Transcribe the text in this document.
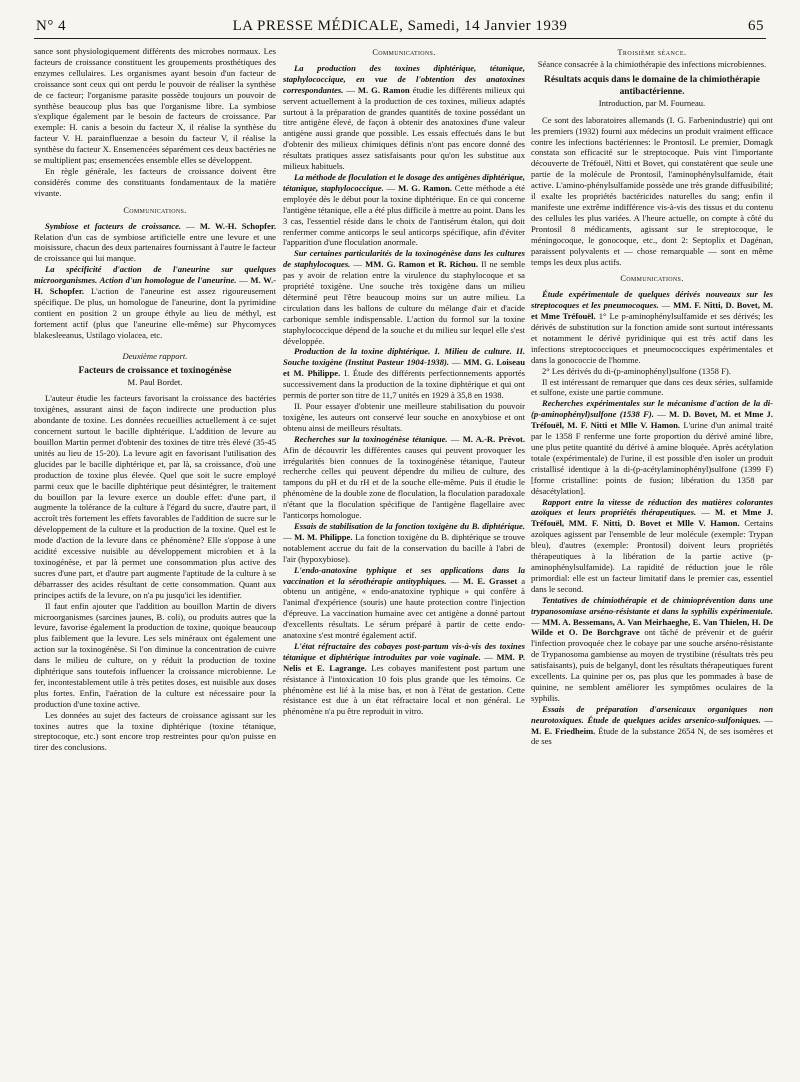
N° 4	LA PRESSE MÉDICALE, Samedi, 14 Janvier 1939	65

sance sont physiologiquement différents des microbes normaux. Les facteurs de croissance constituent les groupements prosthétiques des enzymes cellulaires. Les organismes ayant besoin d'un facteur de croissance sont ceux qui ont perdu le pouvoir de réaliser la synthèse de ce facteur; l'organisme parasite possède toujours un pouvoir de synthèse beaucoup plus bas que l'organisme libre. La symbiose s'explique également par le besoin de facteurs de croissance. Par exemple: H. canis a besoin du facteur X, il réalise la synthèse du facteur V. H. parainfluenzae a besoin du facteur V, il réalise la synthèse du facteur X. Ensemencées séparément ces deux bactéries ne se multiplient pas; ensemencées ensemble elles se développent.

En règle générale, les facteurs de croissance doivent être considérés comme des constituants fondamentaux de la matière vivante.

Communications.

Symbiose et facteurs de croissance. — M. W.-H. Schopfer. Relation d'un cas de symbiose artificielle entre une levure et une moisissure, chacun des deux partenaires fournissant à l'autre le facteur de croissance qui lui manque.

La spécificité d'action de l'aneurine sur quelques microorganismes. Action d'un homologue de l'aneurine. — M. W.-H. Schopfer. L'action de l'aneurine est assez rigoureusement spécifique. De plus, un homologue de l'aneurine, dont la pyrimidine contient en position 2 un groupe éthyle au lieu de méthyl, est fortement actif (plus que l'aneurine elle-même) sur Phycomyces blakesleeanus, Ustilago violacea, etc.

Deuxième rapport.
Facteurs de croissance et toxinogénèse
M. Paul Bordet.

L'auteur étudie les facteurs favorisant la croissance des bactéries toxigènes, assurant ainsi de façon indirecte une production plus abondante de toxine. Les données recueillies actuellement à ce sujet concernent surtout le bacille diphtérique. L'addition de levure au bouillon Martin permet d'obtenir des toxines de titre très élevé (35-45 unités au lieu de 15-20). La levure agit en favorisant l'utilisation des glucides par le bacille diphtérique et, par là, sa croissance, d'où une production de toxine plus élevée. Quel que soit le sucre employé parmi ceux que le bacille diphtérique peut désintégrer, le traitement du bouillon par la levure exerce un double effet: d'une part, il augmente la tolérance de la culture à l'égard du sucre, d'autre part, il accroît très fortement les effets favorables de l'addition de sucre sur le développement de la culture et la production de la toxine. Quel est le mode d'action de la levure dans ce phénomène? Elle s'oppose à une acidité excessive nuisible au développement microbien et à la toxinogénèse, et par là permet une consommation plus active des sucres d'une part, et d'autre part augmente l'aptitude de la culture à se débarrasser des acides résultant de cette consommation. Quant aux principes actifs de la levure, on n'a pu jusqu'ici les identifier.

Il faut enfin ajouter que l'addition au bouillon Martin de divers microorganismes (sarcines jaunes, B. coli), ou produits autres que la levure, favorise également la production de toxine, quoique beaucoup plus faiblement que la levure. Les sels minéraux ont également une action sur la toxinogénèse. Si l'on diminue la concentration de cuivre dans le milieu de culture, on y réduit la production de toxine diphtérique sans toutefois influencer la croissance microbienne. Le fer, incontestablement utile à très petites doses, est nuisible aux doses plus fortes. Enfin, l'aération de la culture est nécessaire pour la production d'une toxine active.

Les données au sujet des facteurs de croissance agissant sur les toxines autres que la toxine diphtérique (toxine tétanique, streptocoque, etc.) sont encore trop restreintes pour qu'on puisse en tirer des conclusions.

Communications.

La production des toxines diphtérique, tétanique, staphylococcique, en vue de l'obtention des anatoxines correspondantes. — M. G. Ramon étudie les différents milieux qui servent actuellement à la production de ces toxines, milieux adaptés surtout à la préparation de grandes quantités de toxine possédant un titre antigène élevé, de façon à obtenir des anatoxines d'une valeur antigène aussi grande que possible. Les essais effectués dans le but d'obtenir des milieux chimiques définis n'ont pas encore donné des résultats pratiques assez satisfaisants pour qu'on les substitue aux milieux habituels.

La méthode de floculation et le dosage des antigènes diphtérique, tétanique, staphylococcique. — M. G. Ramon. Cette méthode a été employée dès le début pour la toxine diphtérique. En ce qui concerne l'antigène tétanique, elle a été plus difficile à mettre au point. Dans les 3 cas, l'essentiel réside dans le choix de l'antisérum étalon, qui doit renfermer comme anticorps le seul anticorps spécifique, afin d'éviter l'apparition d'une floculation anormale.

Sur certaines particularités de la toxinogénèse dans les cultures de staphylocoques. — MM. G. Ramon et R. Richou. Il ne semble pas y avoir de relation entre la virulence du staphylocoque et sa propriété toxigène. Une souche très toxigène dans un milieu déterminé peut l'être beaucoup moins sur un autre milieu. La circulation dans les ballons de culture du mélange d'air et d'acide carbonique semble indispensable. L'action du formol sur la toxine staphylococcique dépend de la souche et du milieu sur lequel elle s'est développée.

Production de la toxine diphtérique. I. Milieu de culture. II. Souche toxigène (Institut Pasteur 1904-1938). — MM. G. Loiseau et M. Philippe. I. Étude des différents perfectionnements apportés successivement dans la production de la toxine diphtérique et qui ont permis de porter son titre de 11,7 unités en 1929 à 35,8 en 1938.

II. Pour essayer d'obtenir une meilleure stabilisation du pouvoir toxigène, les auteurs ont conservé leur souche en anoxybiose et ont obtenu ainsi de meilleurs résultats.

Recherches sur la toxinogénèse tétanique. — M. A.-R. Prévot. Afin de découvrir les différentes causes qui peuvent provoquer les irrégularités bien connues de la toxinogénèse tétanique, l'auteur recherche celles qui peuvent dépendre du milieu de culture, des tampons du pH et du rH et de la souche elle-même. Puis il étudie le phénomène de la double zone de floculation, la floculation paradoxale n'étant que la floculation spécifique de l'antigène flagellaire avec l'anticorps homologue.

Essais de stabilisation de la fonction toxigène du B. diphtérique. — M. M. Philippe. La fonction toxigène du B. diphtérique se trouve notablement accrue du fait de la conservation du bacille à l'abri de l'air (hypoxybiose).

L'endo-anatoxine typhique et ses applications dans la vaccination et la sérothérapie antityphiques. — M. E. Grasset a obtenu un antigène, « endo-anatoxine typhique » qui confère à l'animal d'expérience (souris) une haute protection contre l'injection d'épreuve. La vaccination humaine avec cet antigène a donné partout d'excellents résultats. Le sérum préparé à partir de cette endo-anatoxine s'est montré également actif.

L'état réfractaire des cobayes post-partum vis-à-vis des toxines tétanique et diphtérique introduites par voie vaginale. — MM. P. Nelis et E. Lagrange. Les cobayes manifestent post partum une résistance à l'intoxication 10 fois plus grande que les témoins. Ce phénomène est lié à la mise bas, et non à l'état de gestation. Cette résistance est due à un état réfractaire local et non général. Le phénomène n'a pu être reproduit in vitro.

Troisième séance.
Séance consacrée à la chimiothérapie des infections microbiennes.
Résultats acquis dans le domaine de la chimiothérapie antibactérienne.
Introduction, par M. Fourneau.

Ce sont des laboratoires allemands (I. G. Farbenindustrie) qui ont les premiers (1932) fourni aux médecins un produit vraiment efficace contre les infections bactériennes: le Prontosil. Le premier, Domagk constata son efficacité sur le streptocoque. Puis vint l'importante découverte de Tréfouël, Nitti et Bovet, qui constatèrent que seule une partie de la molécule de Prontosil, l'aminophénylsulfamide, était active. L'amino-phénylsulfamide possède une très grande diffusibilité; il exalte les propriétés bactéricides naturelles du sang; enfin il manifeste une extrême indifférence vis-à-vis des tissus et du contenu des cellules les plus variées. A l'heure actuelle, on compte à côté du Prontosil 8 médicaments, agissant sur le streptocoque, le méningocoque, le gonocoque, etc., dont 2: Septoplix et Dagénan, paraissent polyvalents et — chose remarquable — sont en même temps les deux plus actifs.

Communications.

Étude expérimentale de quelques dérivés nouveaux sur les streptocoques et les pneumocoques. — MM. F. Nitti, D. Bovet, M. et Mme Tréfouël. 1° Le p-aminophénylsulfamide et ses dérivés; les dérivés de substitution sur la fonction amide sont surtout intéressants et notamment le dérivé pyridinique qui est très actif dans les infections streptococciques et pneumococciques expérimentales et dans la gonococcie de l'homme.

2° Les dérivés du di-(p-aminophényl)sulfone (1358 F).

Il est intéressant de remarquer que dans ces deux séries, sulfamide et sulfone, existe une partie commune.

Recherches expérimentales sur le mécanisme d'action de la di-(p-aminophényl)sulfone (1538 F). — M. D. Bovet, M. et Mme J. Tréfouël, M. F. Nitti et Mlle V. Hamon. L'urine d'un animal traité par le 1358 F renferme une forte proportion du dérivé aminé libre, une plus petite quantité du dérivé à amine bloquée. Après acétylation totale (expérimentale) de l'urine, il est possible d'en isoler un produit cristallisé identique à la di-(p-acétylaminophényl)sulfone (1399 F) [forme cristalline: points de fusion; libération du 1358 par désacétylation].

Rapport entre la vitesse de réduction des matières colorantes azoïques et leurs propriétés thérapeutiques. — M. et Mme J. Tréfouël, MM. F. Nitti, D. Bovet et Mlle V. Hamon. Certains azoïques agissent par l'ensemble de leur molécule (exemple: Trypan bleu), d'autres (exemple: Prontosil) doivent leurs propriétés thérapeutiques à la libération de la partie active (p-aminophénylsulfamide). La rapidité de réduction joue le rôle primordial: elle est un facteur limitatif dans le premier cas, essentiel dans le second.

Tentatives de chimiothérapie et de chimioprévention dans une trypanosomiase arséno-résistante et dans la syphilis expérimentale. — MM. A. Bessemans, A. Van Meirhaeghe, E. Van Thielen, H. De Wilde et O. De Borchgrave ont tâché de prévenir et de guérir l'infection provoquée chez le cobaye par une souche arséno-résistante de Trypanosoma gambiense au moyen de trystibine (résultats très peu satisfaisants), puis de belganyl, dont les résultats thérapeutiques furent excellents. La quinine per os, pas plus que les pommades à base de quinine, ne semblent améliorer les symptômes oculaires de la syphilis.

Essais de préparation d'arsenicaux organiques non neurotoxiques. Étude de quelques acides arsenico-sulfoniques. — M. E. Friedheim. Étude de la substance 2654 N, de ses isomères et de ses
